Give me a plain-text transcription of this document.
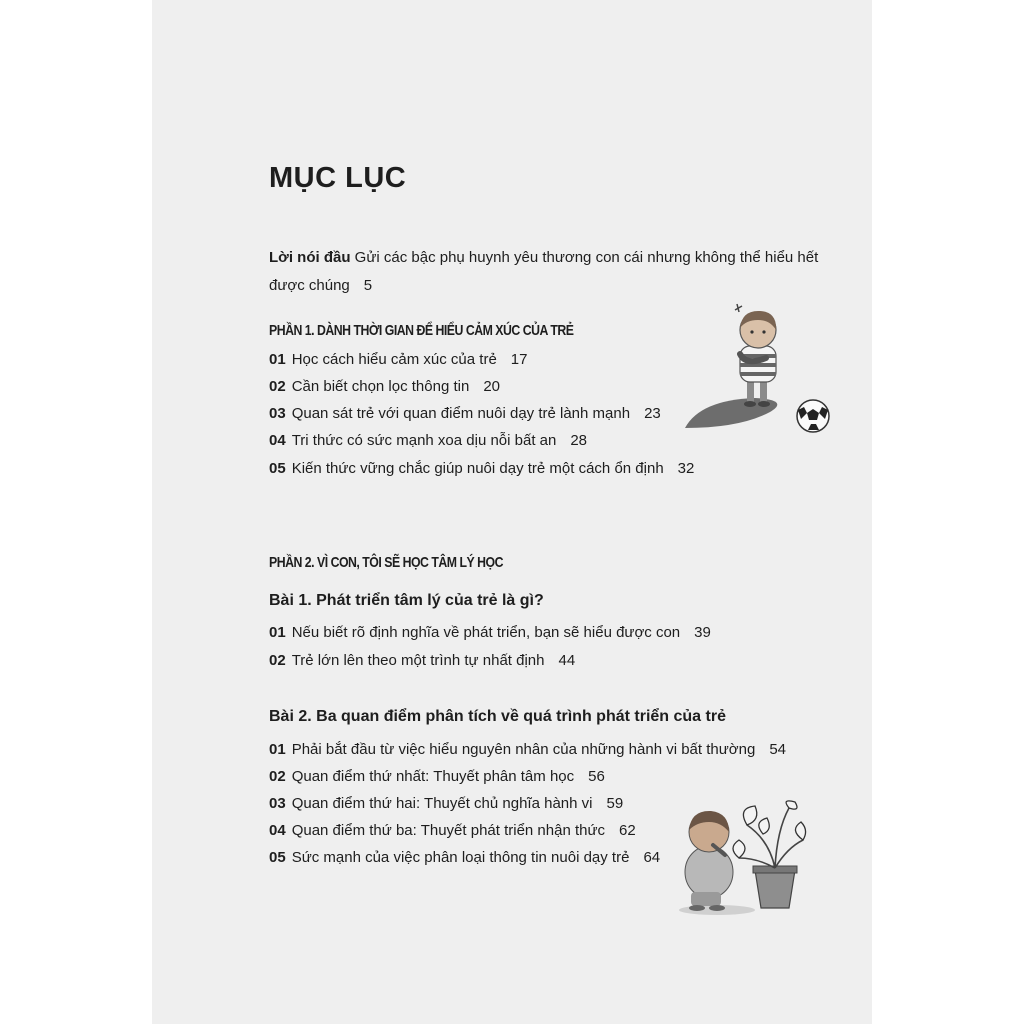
MỤC LỤC
Lời nói đầu Gửi các bậc phụ huynh yêu thương con cái nhưng không thể hiểu hết
được chúng 5
PHẦN 1. DÀNH THỜI GIAN ĐỂ HIỂU CẢM XÚC CỦA TRẺ
01 Học cách hiểu cảm xúc của trẻ 17
02 Cần biết chọn lọc thông tin 20
03 Quan sát trẻ với quan điểm nuôi dạy trẻ lành mạnh 23
04 Tri thức có sức mạnh xoa dịu nỗi bất an 28
05 Kiến thức vững chắc giúp nuôi dạy trẻ một cách ổn định 32
PHẦN 2. VÌ CON, TÔI SẼ HỌC TÂM LÝ HỌC
Bài 1. Phát triển tâm lý của trẻ là gì?
01 Nếu biết rõ định nghĩa về phát triển, bạn sẽ hiểu được con 39
02 Trẻ lớn lên theo một trình tự nhất định 44
Bài 2. Ba quan điểm phân tích về quá trình phát triển của trẻ
01 Phải bắt đầu từ việc hiểu nguyên nhân của những hành vi bất thường 54
02 Quan điểm thứ nhất: Thuyết phân tâm học 56
03 Quan điểm thứ hai: Thuyết chủ nghĩa hành vi 59
04 Quan điểm thứ ba: Thuyết phát triển nhận thức 62
05 Sức mạnh của việc phân loại thông tin nuôi dạy trẻ 64
